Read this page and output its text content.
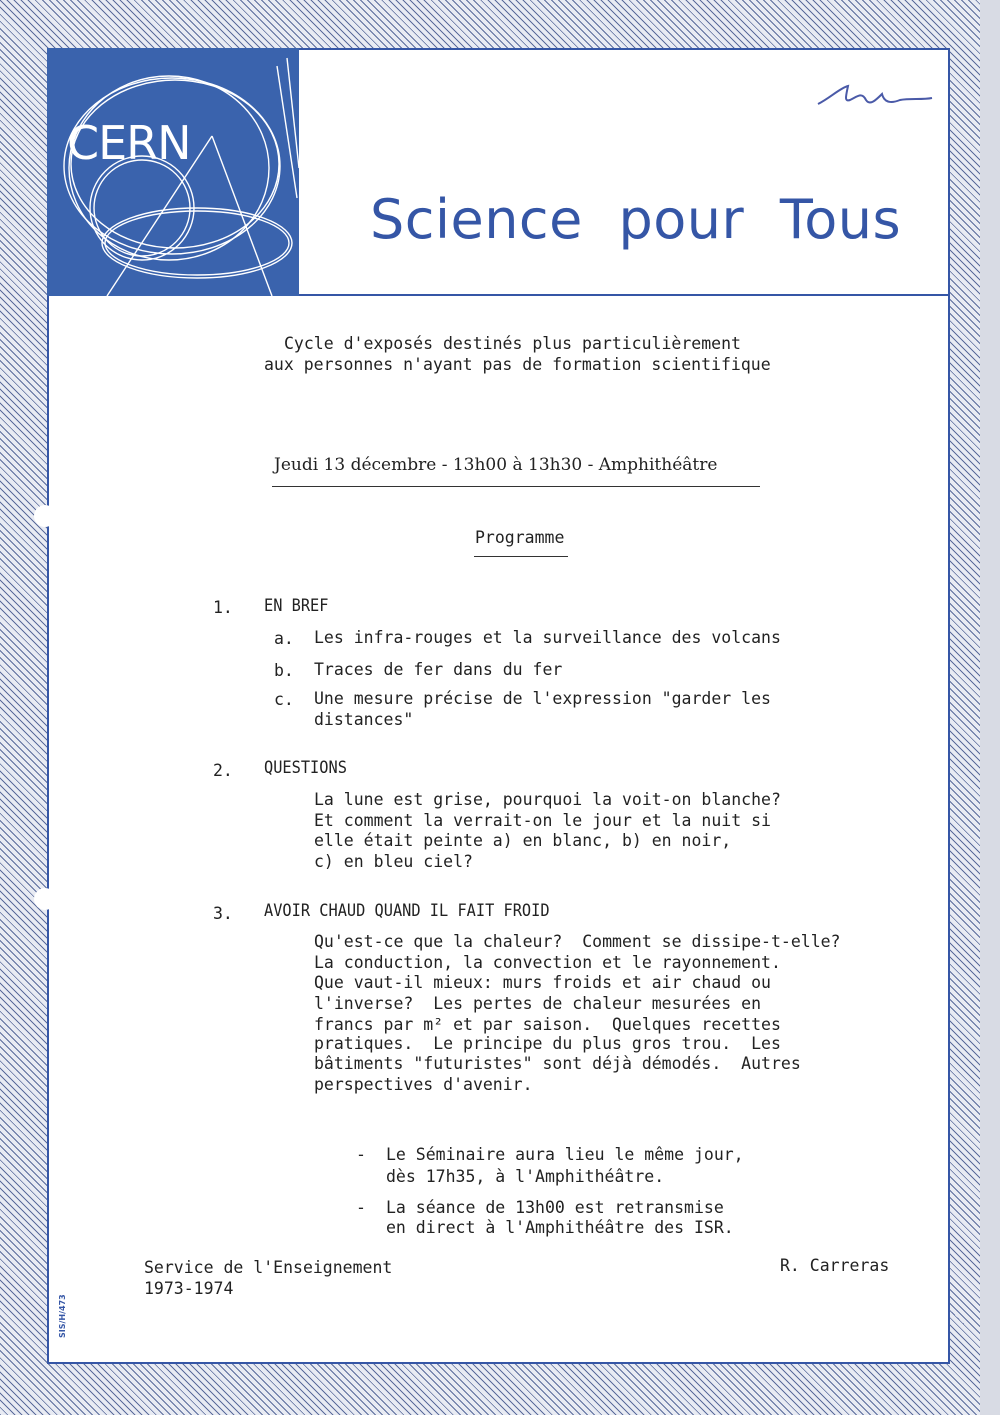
CERN
Science pour Tous
Cycle d'exposés destinés plus particulièrement
aux personnes n'ayant pas de formation scientifique
Jeudi 13 décembre - 13h00 à 13h30 - Amphithéâtre
Programme
1. EN BREF
a. Les infra-rouges et la surveillance des volcans
b. Traces de fer dans du fer
c. Une mesure précise de l'expression "garder les
distances"
2. QUESTIONS
La lune est grise, pourquoi la voit-on blanche?
Et comment la verrait-on le jour et la nuit si
elle était peinte a) en blanc, b) en noir,
c) en bleu ciel?
3. AVOIR CHAUD QUAND IL FAIT FROID
Qu'est-ce que la chaleur?  Comment se dissipe-t-elle?
La conduction, la convection et le rayonnement.
Que vaut-il mieux: murs froids et air chaud ou
l'inverse?  Les pertes de chaleur mesurées en
francs par m² et par saison.  Quelques recettes
pratiques.  Le principe du plus gros trou.  Les
bâtiments "futuristes" sont déjà démodés.  Autres
perspectives d'avenir.
- Le Séminaire aura lieu le même jour,
dès 17h35, à l'Amphithéâtre.
- La séance de 13h00 est retransmise
en direct à l'Amphithéâtre des ISR.
Service de l'Enseignement
1973-1974
R. Carreras
SIS/H/473
